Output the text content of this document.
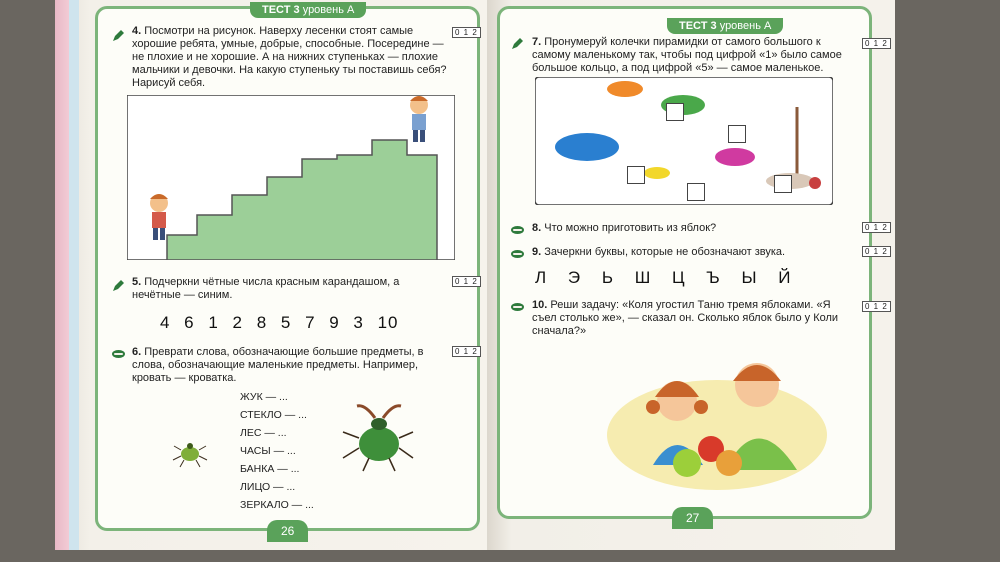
ТЕСТ 3 уровень А
4. Посмотри на рисунок. Наверху лесенки стоят самые хорошие ребята, умные, добрые, способные. Посередине — не плохие и не хорошие. А на нижних ступеньках — плохие мальчики и девочки. На какую ступеньку ты поставишь себя? Нарисуй себя.
0 1 2
5. Подчеркни чётные числа красным карандашом, а нечётные — синим.
0 1 2
4 6 1 2 8 5 7 9 3 10
6. Преврати слова, обозначающие большие предметы, в слова, обозначающие маленькие предметы. Например, кровать — кроватка.
0 1 2
ЖУК — ...
СТЕКЛО — ...
ЛЕС — ...
ЧАСЫ — ...
БАНКА — ...
ЛИЦО — ...
ЗЕРКАЛО — ...
26
ТЕСТ 3 уровень А
7. Пронумеруй колечки пирамидки от самого большого к самому маленькому так, чтобы под цифрой «1» было самое большое кольцо, а под цифрой «5» — самое маленькое.
0 1 2
8. Что можно приготовить из яблок?	0 1 2
9. Зачеркни буквы, которые не обозначают звука.	0 1 2
Л Э Ь Ш Ц Ъ Ы Й
10. Реши задачу: «Коля угостил Таню тремя яблоками. «Я съел столько же», — сказал он. Сколько яблок было у Коли сначала?»
0 1 2
27
